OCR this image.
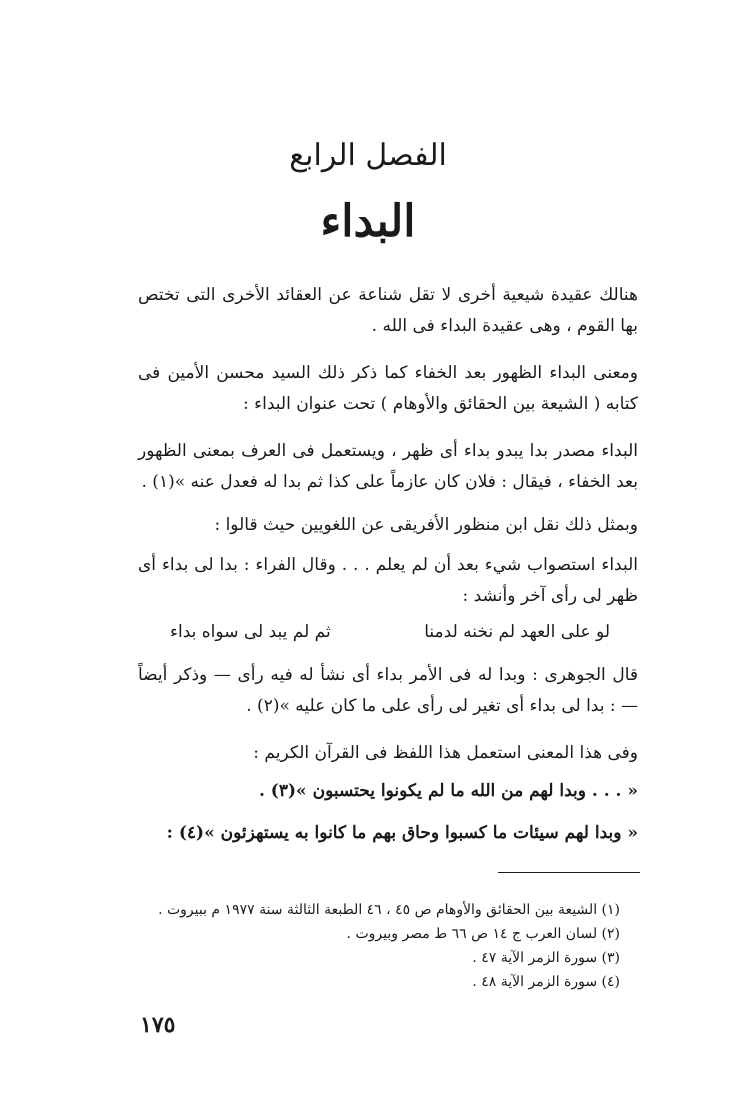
الفصل الرابع
البداء
هنالك عقيدة شيعية أخرى لا تقل شناعة عن العقائد الأخرى التى تختص بها القوم ، وهى عقيدة البداء فى الله .
ومعنى البداء الظهور بعد الخفاء كما ذكر ذلك السيد محسن الأمين فى كتابه ( الشيعة بين الحقائق والأوهام ) تحت عنوان البداء :
البداء مصدر بدا يبدو بداء أى ظهر ، ويستعمل فى العرف بمعنى الظهور بعد الخفاء ، فيقال : فلان كان عازماً على كذا ثم بدا له فعدل عنه »(١) .
وبمثل ذلك نقل ابن منظور الأفريقى عن اللغويين حيث قالوا :
البداء استصواب شيء بعد أن لم يعلم . . . وقال الفراء : بدا لى بداء أى ظهر لى رأى آخر وأنشد :
لو على العهد لم نخنه لدمنا
ثم لم يبد لى سواه بداء
قال الجوهرى : وبدا له فى الأمر بداء أى نشأ له فيه رأى — وذكر أيضاً — : بدا لى بداء أى تغير لى رأى على ما كان عليه »(٢) .
وفى هذا المعنى استعمل هذا اللفظ فى القرآن الكريم :
« . . . وبدا لهم من الله ما لم يكونوا يحتسبون »(٣) .
« وبدا لهم سيئات ما كسبوا وحاق بهم ما كانوا به يستهزئون »(٤) :
(١) الشيعة بين الحقائق والأوهام ص ٤٥ ، ٤٦ الطبعة الثالثة سنة ١٩٧٧ م ببيروت .
(٢) لسان العرب ج ١٤ ص ٦٦ ط مصر وبيروت .
(٣) سورة الزمر الآية ٤٧ .
(٤) سورة الزمر الآية ٤٨ .
١٧٥
